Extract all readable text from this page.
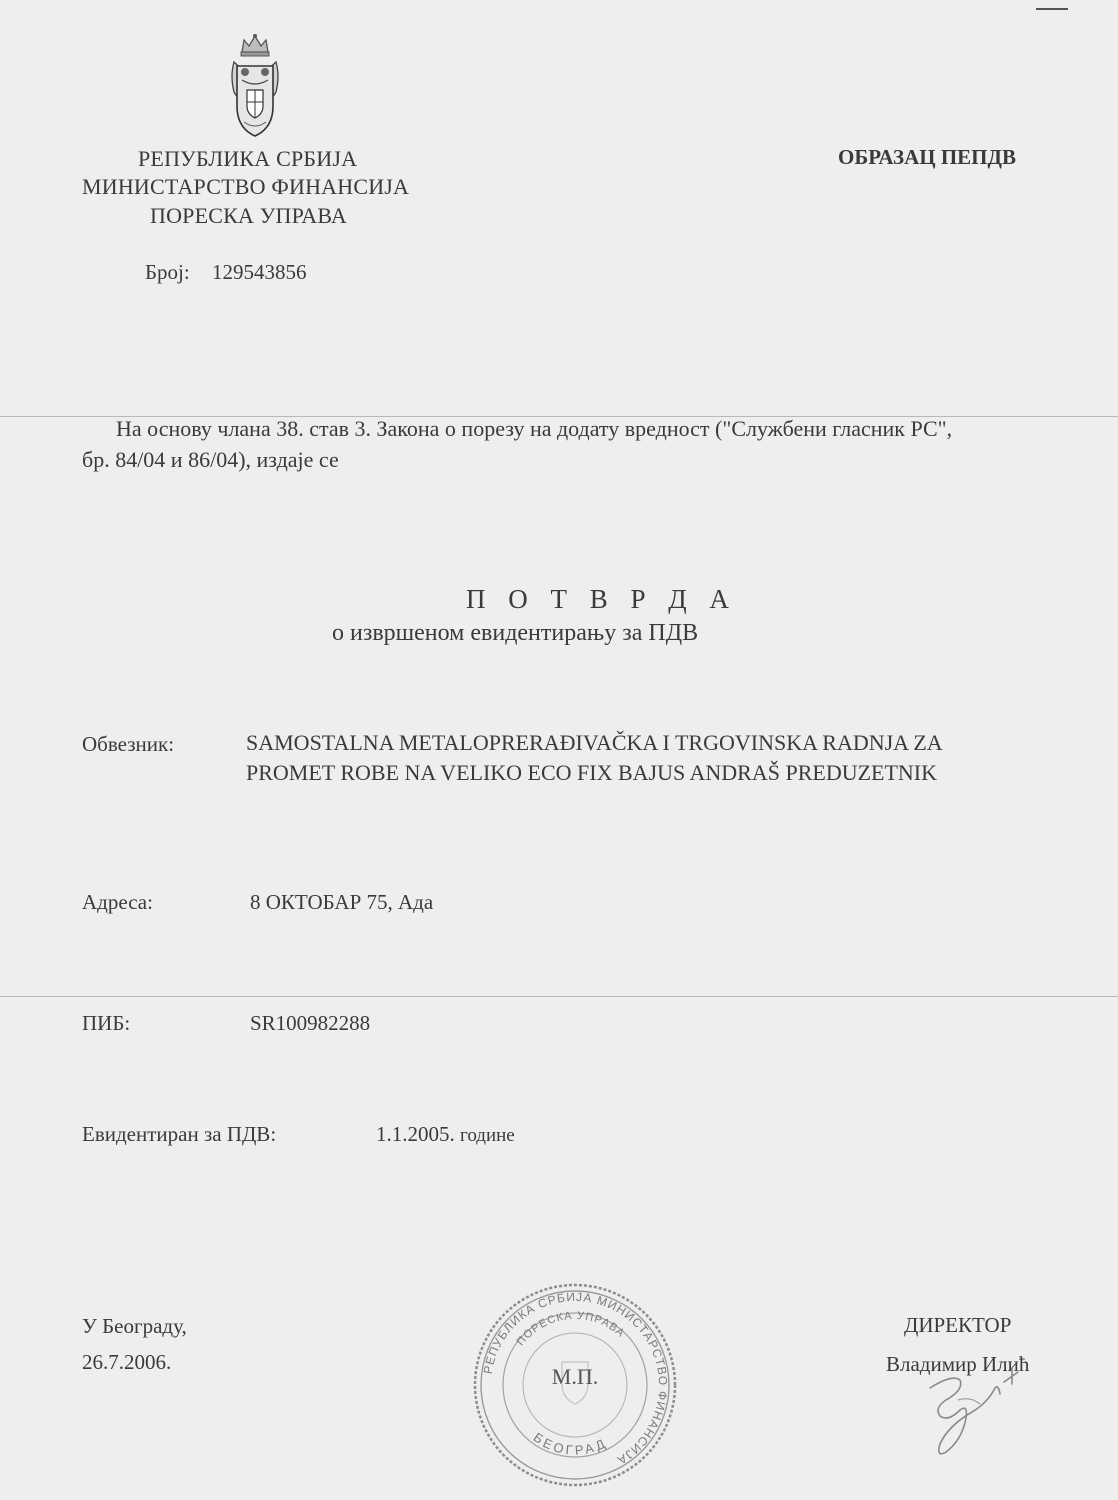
РЕПУБЛИКА СРБИЈА
МИНИСТАРСТВО ФИНАНСИЈА
ПОРЕСКА УПРАВА
ОБРАЗАЦ ПЕПДВ
Број: 129543856
На основу члана 38. став 3. Закона о порезу на додату вредност ("Службени гласник РС",
бр. 84/04 и 86/04), издаје се
П О Т В Р Д А
о извршеном евидентирању за ПДВ
Обвезник:	SAMOSTALNA METALOPRERAĐIVAČKA I TRGOVINSKA RADNJA ZA
PROMET ROBE NA VELIKO ECO FIX BAJUS ANDRAŠ PREDUZETNIK
Адреса:	8 ОКТОБАР 75, Ада
ПИБ:	SR100982288
Евидентиран за ПДВ:	1.1.2005. године
У Београду,
26.7.2006.
ДИРЕКТОР
Владимир Илић
РЕПУБЛИКА СРБИЈА МИНИСТАРСТВО ФИНАНСИЈА
ПОРЕСКА УПРАВА
БЕОГРАД
М.П.
